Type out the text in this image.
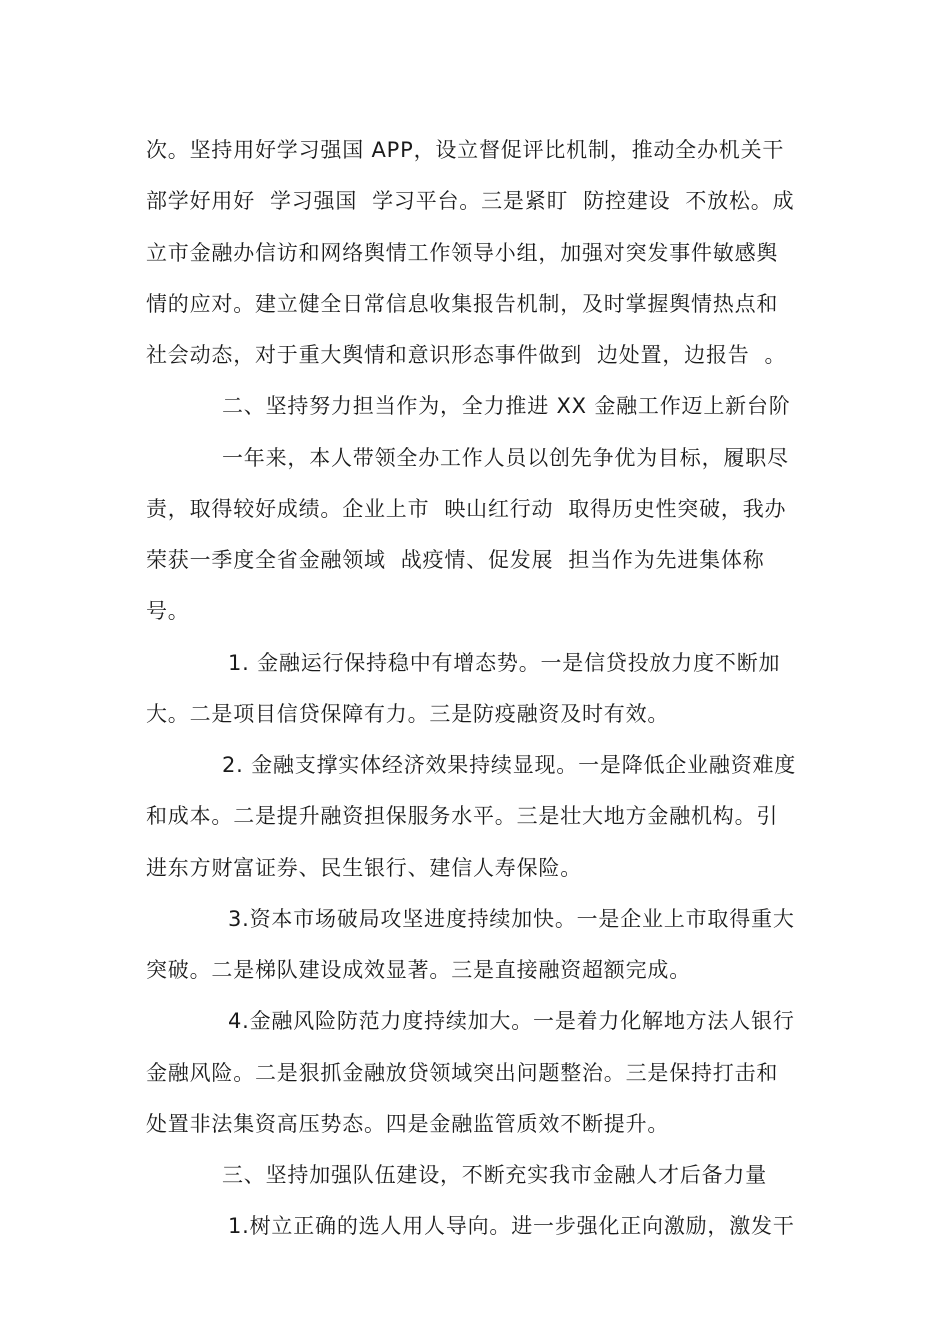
次。坚持用好学习强国 APP，设立督促评比机制，推动全办机关干
部学好用好  学习强国  学习平台。三是紧盯  防控建设  不放松。成
立市金融办信访和网络舆情工作领导小组，加强对突发事件敏感舆
情的应对。建立健全日常信息收集报告机制，及时掌握舆情热点和
社会动态，对于重大舆情和意识形态事件做到  边处置，边报告  。
二、坚持努力担当作为，全力推进 XX 金融工作迈上新台阶
一年来，本人带领全办工作人员以创先争优为目标，履职尽
责，取得较好成绩。企业上市  映山红行动  取得历史性突破，我办
荣获一季度全省金融领域  战疫情、促发展  担当作为先进集体称
号。
1. 金融运行保持稳中有增态势。一是信贷投放力度不断加
大。二是项目信贷保障有力。三是防疫融资及时有效。
2. 金融支撑实体经济效果持续显现。一是降低企业融资难度
和成本。二是提升融资担保服务水平。三是壮大地方金融机构。引
进东方财富证券、民生银行、建信人寿保险。
3.资本市场破局攻坚进度持续加快。一是企业上市取得重大
突破。二是梯队建设成效显著。三是直接融资超额完成。
4.金融风险防范力度持续加大。一是着力化解地方法人银行
金融风险。二是狠抓金融放贷领域突出问题整治。三是保持打击和
处置非法集资高压势态。四是金融监管质效不断提升。
三、坚持加强队伍建设，不断充实我市金融人才后备力量
1.树立正确的选人用人导向。进一步强化正向激励，激发干
